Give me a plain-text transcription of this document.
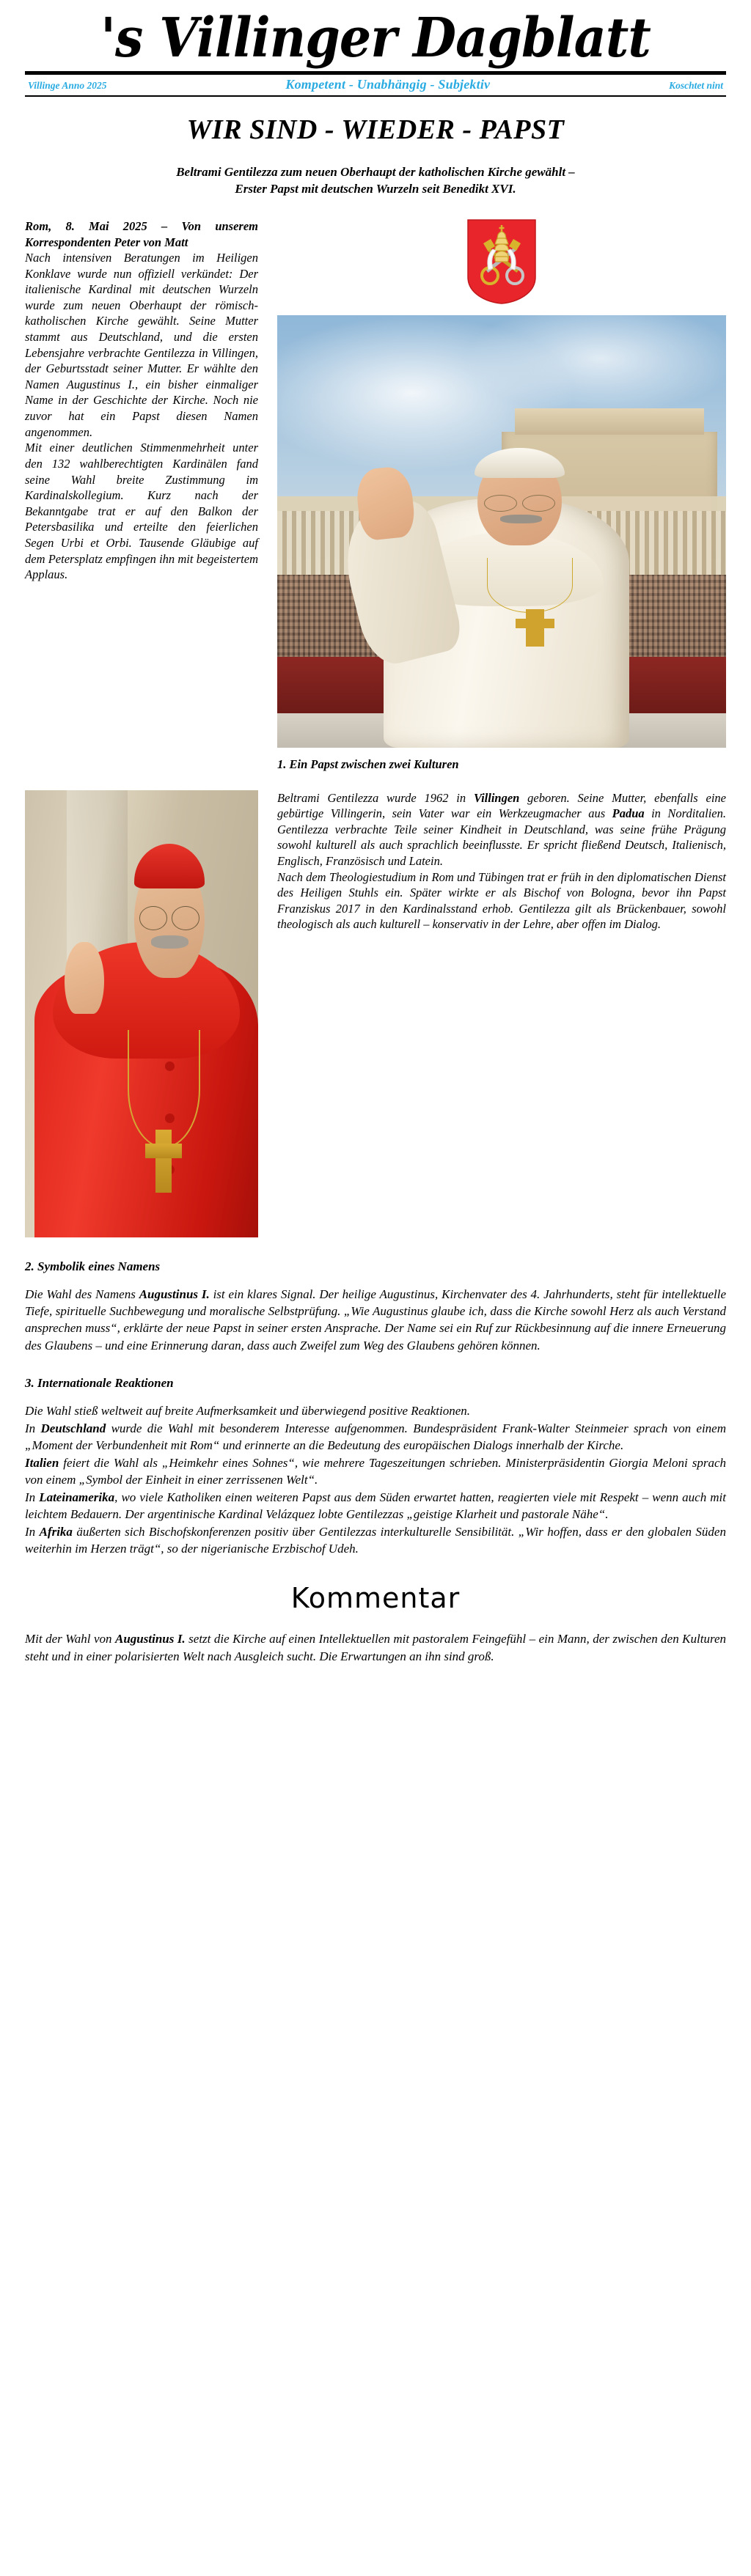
's Villinger Dagblatt
Villinge Anno 2025	Kompetent - Unabhängig - Subjektiv	Koschtet nint
WIR SIND - WIEDER - PAPST
Beltrami Gentilezza zum neuen Oberhaupt der katholischen Kirche gewählt – Erster Papst mit deutschen Wurzeln seit Benedikt XVI.
Rom, 8. Mai 2025 – Von unserem Korrespondenten Peter von Matt

Nach intensiven Beratungen im Heiligen Konklave wurde nun offiziell verkündet: Der italienische Kardinal mit deutschen Wurzeln wurde zum neuen Oberhaupt der römisch-katholischen Kirche gewählt. Seine Mutter stammt aus Deutschland, und die ersten Lebensjahre verbrachte Gentilezza in Villingen, der Geburtsstadt seiner Mutter. Er wählte den Namen Augustinus I., ein bisher einmaliger Name in der Geschichte der Kirche. Noch nie zuvor hat ein Papst diesen Namen angenommen.

Mit einer deutlichen Stimmenmehrheit unter den 132 wahlberechtigten Kardinälen fand seine Wahl breite Zustimmung im Kardinalskollegium. Kurz nach der Bekanntgabe trat er auf den Balkon der Petersbasilika und erteilte den feierlichen Segen Urbi et Orbi. Tausende Gläubige auf dem Petersplatz empfingen ihn mit begeistertem Applaus.

1. Ein Papst zwischen zwei Kulturen

Beltrami Gentilezza wurde 1962 in Villingen geboren. Seine Mutter, ebenfalls eine gebürtige Villingerin, sein Vater war ein Werkzeugmacher aus Padua in Norditalien. Gentilezza verbrachte Teile seiner Kindheit in Deutschland, was seine frühe Prägung sowohl kulturell als auch sprachlich beeinflusste. Er spricht fließend Deutsch, Italienisch, Englisch, Französisch und Latein.

Nach dem Theologiestudium in Rom und Tübingen trat er früh in den diplomatischen Dienst des Heiligen Stuhls ein. Später wirkte er als Bischof von Bologna, bevor ihn Papst Franziskus 2017 in den Kardinalsstand erhob. Gentilezza gilt als Brückenbauer, sowohl theologisch als auch kulturell – konservativ in der Lehre, aber offen im Dialog.

2. Symbolik eines Namens

Die Wahl des Namens Augustinus I. ist ein klares Signal. Der heilige Augustinus, Kirchenvater des 4. Jahrhunderts, steht für intellektuelle Tiefe, spirituelle Suchbewegung und moralische Selbstprüfung. „Wie Augustinus glaube ich, dass die Kirche sowohl Herz als auch Verstand ansprechen muss“, erklärte der neue Papst in seiner ersten Ansprache. Der Name sei ein Ruf zur Rückbesinnung auf die innere Erneuerung des Glaubens – und eine Erinnerung daran, dass auch Zweifel zum Weg des Glaubens gehören können.

3. Internationale Reaktionen

Die Wahl stieß weltweit auf breite Aufmerksamkeit und überwiegend positive Reaktionen.

In Deutschland wurde die Wahl mit besonderem Interesse aufgenommen. Bundespräsident Frank-Walter Steinmeier sprach von einem „Moment der Verbundenheit mit Rom“ und erinnerte an die Bedeutung des europäischen Dialogs innerhalb der Kirche.

Italien feiert die Wahl als „Heimkehr eines Sohnes“, wie mehrere Tageszeitungen schrieben. Ministerpräsidentin Giorgia Meloni sprach von einem „Symbol der Einheit in einer zerrissenen Welt“.

In Lateinamerika, wo viele Katholiken einen weiteren Papst aus dem Süden erwartet hatten, reagierten viele mit Respekt – wenn auch mit leichtem Bedauern. Der argentinische Kardinal Velázquez lobte Gentilezzas „geistige Klarheit und pastorale Nähe“.

In Afrika äußerten sich Bischofskonferenzen positiv über Gentilezzas interkulturelle Sensibilität. „Wir hoffen, dass er den globalen Süden weiterhin im Herzen trägt“, so der nigerianische Erzbischof Udeh.

Kommentar

Mit der Wahl von Augustinus I. setzt die Kirche auf einen Intellektuellen mit pastoralem Feingefühl – ein Mann, der zwischen den Kulturen steht und in einer polarisierten Welt nach Ausgleich sucht. Die Erwartungen an ihn sind groß.
